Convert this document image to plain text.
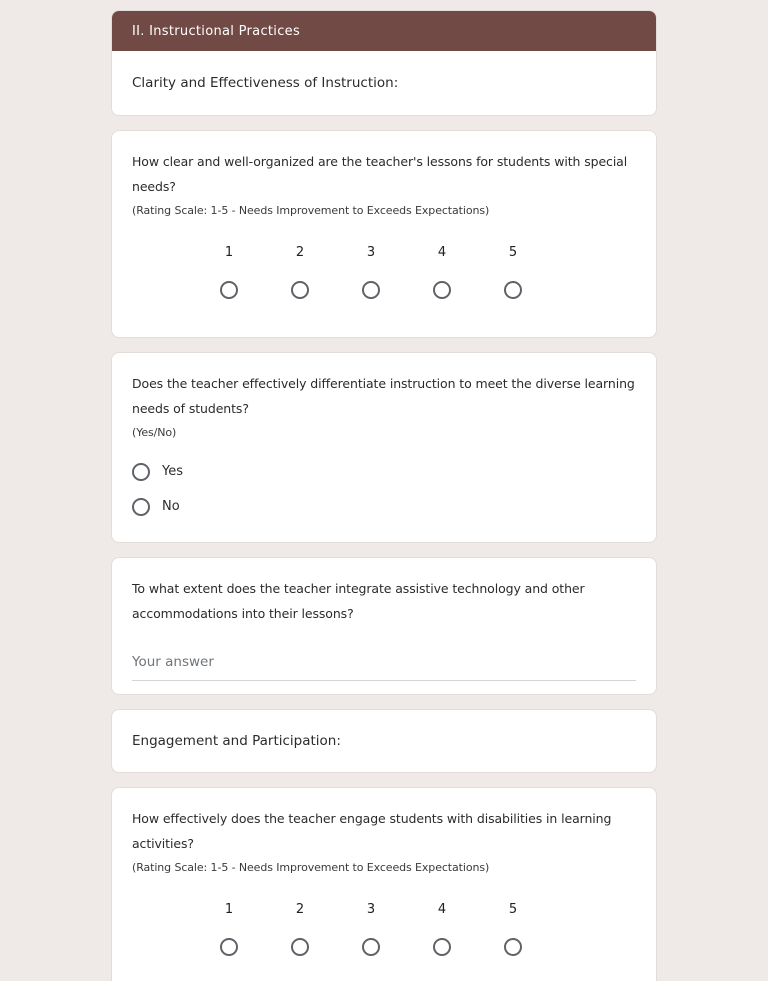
II. Instructional Practices
Clarity and Effectiveness of Instruction:
How clear and well-organized are the teacher's lessons for students with special needs?
(Rating Scale: 1-5 - Needs Improvement to Exceeds Expectations)
1	2	3	4	5
Does the teacher effectively differentiate instruction to meet the diverse learning needs of students?
(Yes/No)
Yes
No
To what extent does the teacher integrate assistive technology and other accommodations into their lessons?
Your answer
Engagement and Participation:
How effectively does the teacher engage students with disabilities in learning activities?
(Rating Scale: 1-5 - Needs Improvement to Exceeds Expectations)
1	2	3	4	5
